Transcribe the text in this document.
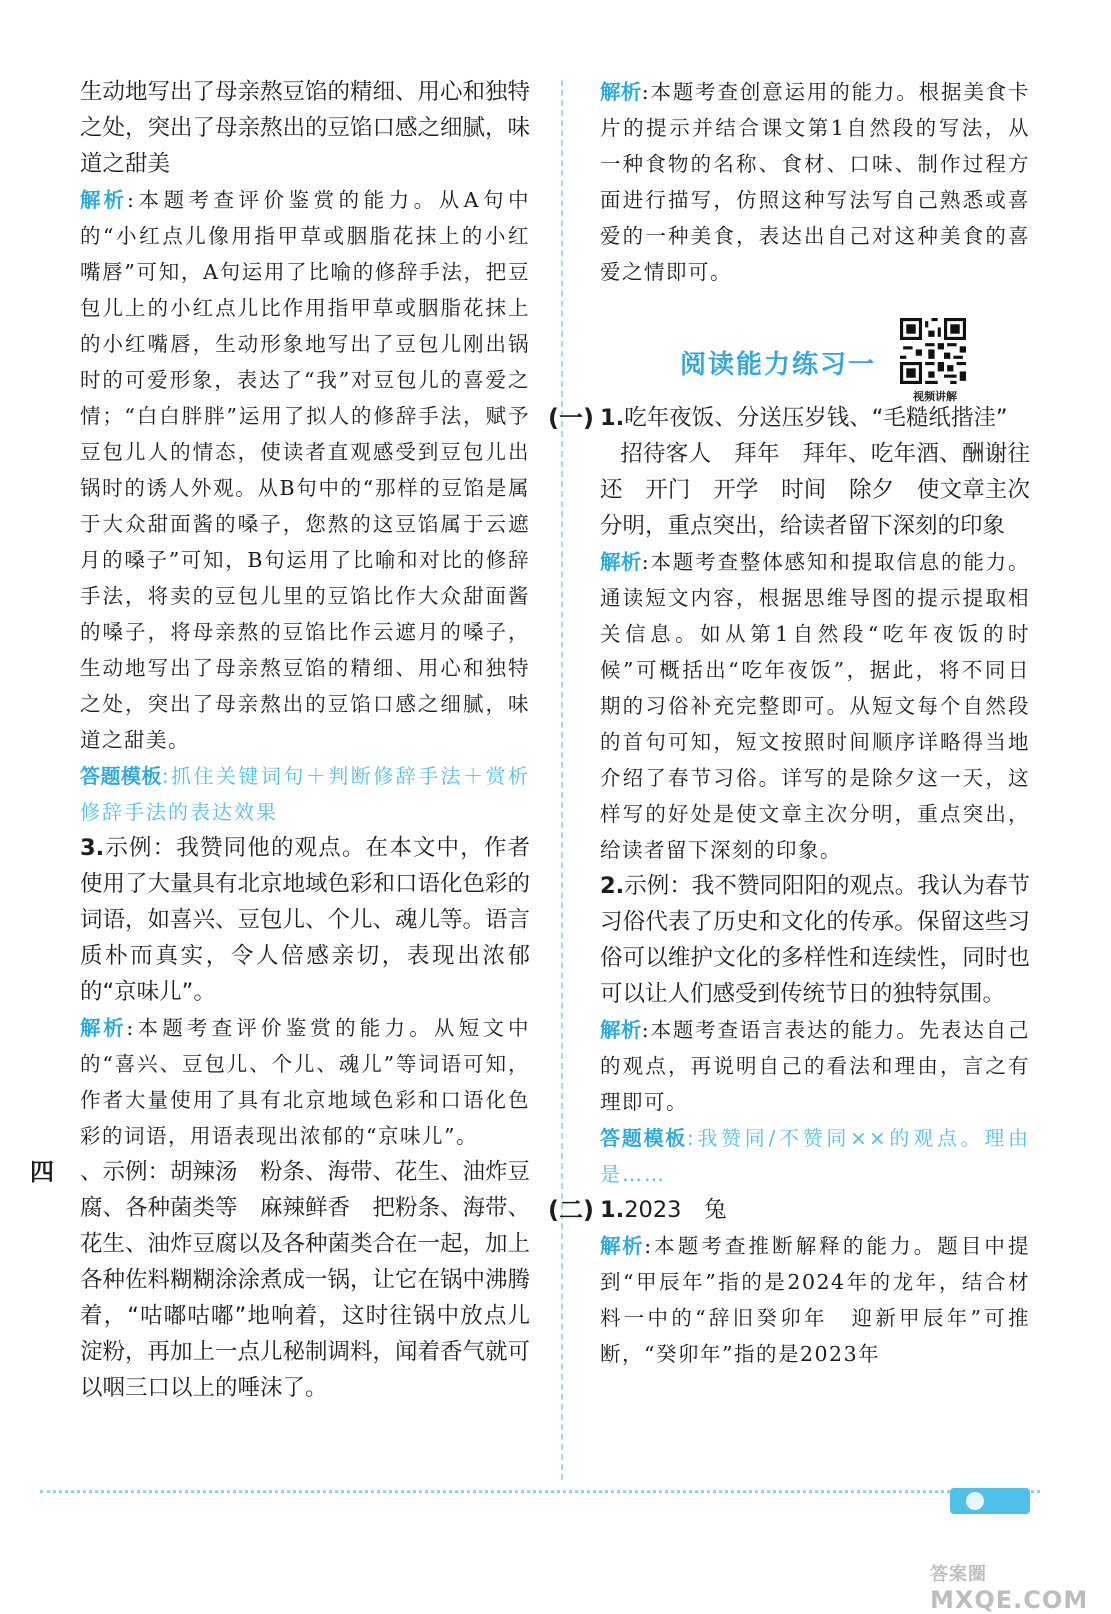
生动地写出了母亲熬豆馅的精细、用心和独特之处，突出了母亲熬出的豆馅口感之细腻，味道之甜美

解析:本题考查评价鉴赏的能力。从A句中的“小红点儿像用指甲草或胭脂花抹上的小红嘴唇”可知，A句运用了比喻的修辞手法，把豆包儿上的小红点儿比作用指甲草或胭脂花抹上的小红嘴唇，生动形象地写出了豆包儿刚出锅时的可爱形象，表达了“我”对豆包儿的喜爱之情；“白白胖胖”运用了拟人的修辞手法，赋予豆包儿人的情态，使读者直观感受到豆包儿出锅时的诱人外观。从B句中的“那样的豆馅是属于大众甜面酱的嗓子，您熬的这豆馅属于云遮月的嗓子”可知，B句运用了比喻和对比的修辞手法，将卖的豆包儿里的豆馅比作大众甜面酱的嗓子，将母亲熬的豆馅比作云遮月的嗓子，生动地写出了母亲熬豆馅的精细、用心和独特之处，突出了母亲熬出的豆馅口感之细腻，味道之甜美。

答题模板:抓住关键词句＋判断修辞手法＋赏析修辞手法的表达效果

3.示例：我赞同他的观点。在本文中，作者使用了大量具有北京地域色彩和口语化色彩的词语，如喜兴、豆包儿、个儿、魂儿等。语言质朴而真实，令人倍感亲切，表现出浓郁的“京味儿”。

解析:本题考查评价鉴赏的能力。从短文中的“喜兴、豆包儿、个儿、魂儿”等词语可知，作者大量使用了具有北京地域色彩和口语化色彩的词语，用语表现出浓郁的“京味儿”。

四 、示例：胡辣汤　粉条、海带、花生、油炸豆腐、各种菌类等　麻辣鲜香　把粉条、海带、花生、油炸豆腐以及各种菌类合在一起，加上各种佐料糊糊涂涂煮成一锅，让它在锅中沸腾着，“咕嘟咕嘟”地响着，这时往锅中放点儿淀粉，再加上一点儿秘制调料，闻着香气就可以咽三口以上的唾沫了。

解析:本题考查创意运用的能力。根据美食卡片的提示并结合课文第1自然段的写法，从一种食物的名称、食材、口味、制作过程方面进行描写，仿照这种写法写自己熟悉或喜爱的一种美食，表达出自己对这种美食的喜爱之情即可。

阅读能力练习一
视频讲解

(一) 1.吃年夜饭、分送压岁钱、“毛糙纸揩洼”

招待客人　拜年　拜年、吃年酒、酬谢往还　开门　开学　时间　除夕　使文章主次分明，重点突出，给读者留下深刻的印象

解析:本题考查整体感知和提取信息的能力。通读短文内容，根据思维导图的提示提取相关信息。如从第1自然段“吃年夜饭的时候”可概括出“吃年夜饭”，据此，将不同日期的习俗补充完整即可。从短文每个自然段的首句可知，短文按照时间顺序详略得当地介绍了春节习俗。详写的是除夕这一天，这样写的好处是使文章主次分明，重点突出，给读者留下深刻的印象。

2.示例：我不赞同阳阳的观点。我认为春节习俗代表了历史和文化的传承。保留这些习俗可以维护文化的多样性和连续性，同时也可以让人们感受到传统节日的独特氛围。

解析:本题考查语言表达的能力。先表达自己的观点，再说明自己的看法和理由，言之有理即可。

答题模板:我赞同/不赞同××的观点。理由是……

(二) 1.2023　兔

解析:本题考查推断解释的能力。题目中提到“甲辰年”指的是2024年的龙年，结合材料一中的“辞旧癸卯年　迎新甲辰年”可推断，“癸卯年”指的是2023年

答案圈MXQE.COM
